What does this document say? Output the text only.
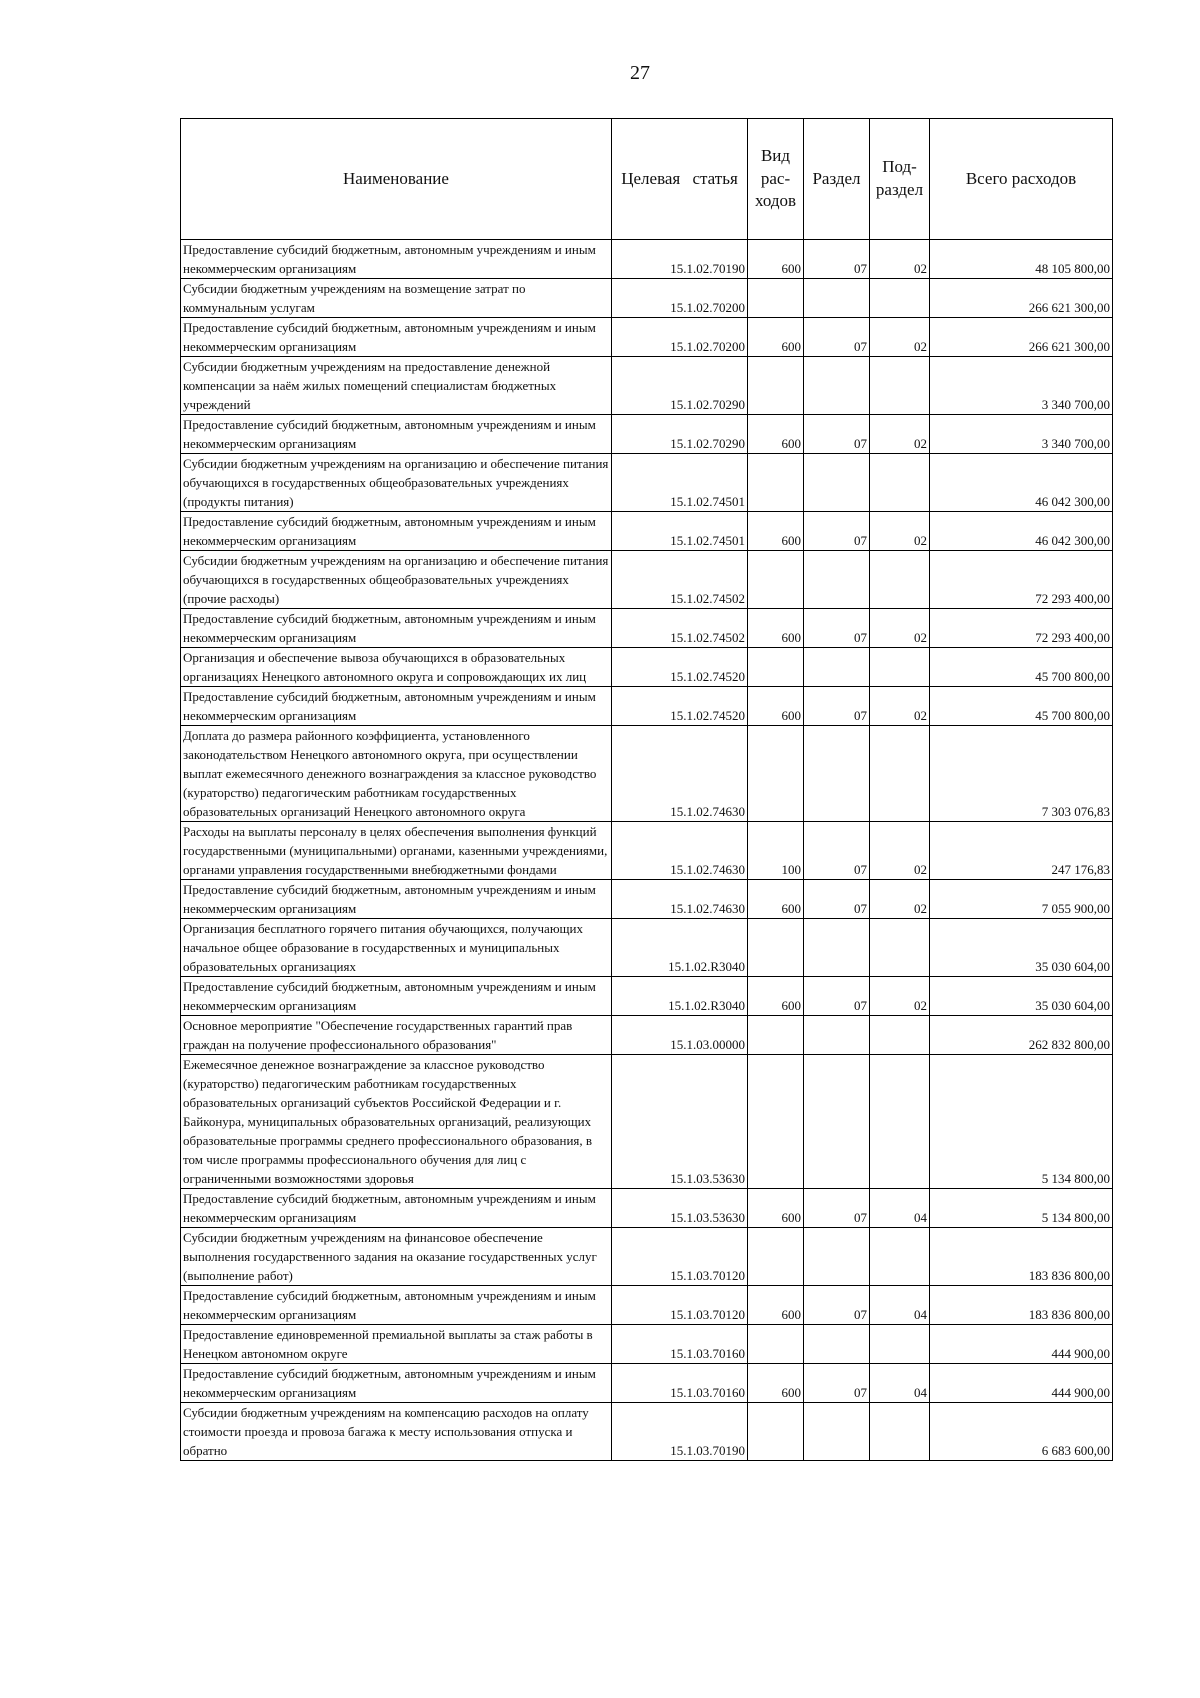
27
Наименование	Целевая статья	Вид рас- ходов	Раздел	Под- раздел	Всего расходов
Предоставление субсидий бюджетным, автономным учреждениям и иным некоммерческим организациям	15.1.02.70190	600	07	02	48 105 800,00
Субсидии бюджетным учреждениям на возмещение затрат по коммунальным услугам	15.1.02.70200				266 621 300,00
Предоставление субсидий бюджетным, автономным учреждениям и иным некоммерческим организациям	15.1.02.70200	600	07	02	266 621 300,00
Субсидии бюджетным учреждениям на предоставление денежной компенсации за наём жилых помещений специалистам бюджетных учреждений	15.1.02.70290				3 340 700,00
Предоставление субсидий бюджетным, автономным учреждениям и иным некоммерческим организациям	15.1.02.70290	600	07	02	3 340 700,00
Субсидии бюджетным учреждениям на организацию и обеспечение питания обучающихся в государственных общеобразовательных учреждениях (продукты питания)	15.1.02.74501				46 042 300,00
Предоставление субсидий бюджетным, автономным учреждениям и иным некоммерческим организациям	15.1.02.74501	600	07	02	46 042 300,00
Субсидии бюджетным учреждениям на организацию и обеспечение питания обучающихся в государственных общеобразовательных учреждениях (прочие расходы)	15.1.02.74502				72 293 400,00
Предоставление субсидий бюджетным, автономным учреждениям и иным некоммерческим организациям	15.1.02.74502	600	07	02	72 293 400,00
Организация и обеспечение вывоза обучающихся в образовательных организациях Ненецкого автономного округа и сопровождающих их лиц	15.1.02.74520				45 700 800,00
Предоставление субсидий бюджетным, автономным учреждениям и иным некоммерческим организациям	15.1.02.74520	600	07	02	45 700 800,00
Доплата до размера районного коэффициента, установленного законодательством Ненецкого автономного округа, при осуществлении выплат ежемесячного денежного вознаграждения за классное руководство (кураторство) педагогическим работникам государственных образовательных организаций Ненецкого автономного округа	15.1.02.74630				7 303 076,83
Расходы на выплаты персоналу в целях обеспечения выполнения функций государственными (муниципальными) органами, казенными учреждениями, органами управления государственными внебюджетными фондами	15.1.02.74630	100	07	02	247 176,83
Предоставление субсидий бюджетным, автономным учреждениям и иным некоммерческим организациям	15.1.02.74630	600	07	02	7 055 900,00
Организация бесплатного горячего питания обучающихся, получающих начальное общее образование в государственных и муниципальных образовательных организациях	15.1.02.R3040				35 030 604,00
Предоставление субсидий бюджетным, автономным учреждениям и иным некоммерческим организациям	15.1.02.R3040	600	07	02	35 030 604,00
Основное мероприятие "Обеспечение государственных гарантий прав граждан на получение профессионального образования"	15.1.03.00000				262 832 800,00
Ежемесячное денежное вознаграждение за классное руководство (кураторство) педагогическим работникам государственных образовательных организаций субъектов Российской Федерации и г. Байконура, муниципальных образовательных организаций, реализующих образовательные программы среднего профессионального образования, в том числе программы профессионального обучения для лиц с ограниченными возможностями здоровья	15.1.03.53630				5 134 800,00
Предоставление субсидий бюджетным, автономным учреждениям и иным некоммерческим организациям	15.1.03.53630	600	07	04	5 134 800,00
Субсидии бюджетным учреждениям на финансовое обеспечение выполнения государственного задания на оказание государственных услуг (выполнение работ)	15.1.03.70120				183 836 800,00
Предоставление субсидий бюджетным, автономным учреждениям и иным некоммерческим организациям	15.1.03.70120	600	07	04	183 836 800,00
Предоставление единовременной премиальной выплаты за стаж работы в Ненецком автономном округе	15.1.03.70160				444 900,00
Предоставление субсидий бюджетным, автономным учреждениям и иным некоммерческим организациям	15.1.03.70160	600	07	04	444 900,00
Субсидии бюджетным учреждениям на компенсацию расходов на оплату стоимости проезда и провоза багажа к месту использования отпуска и обратно	15.1.03.70190				6 683 600,00
